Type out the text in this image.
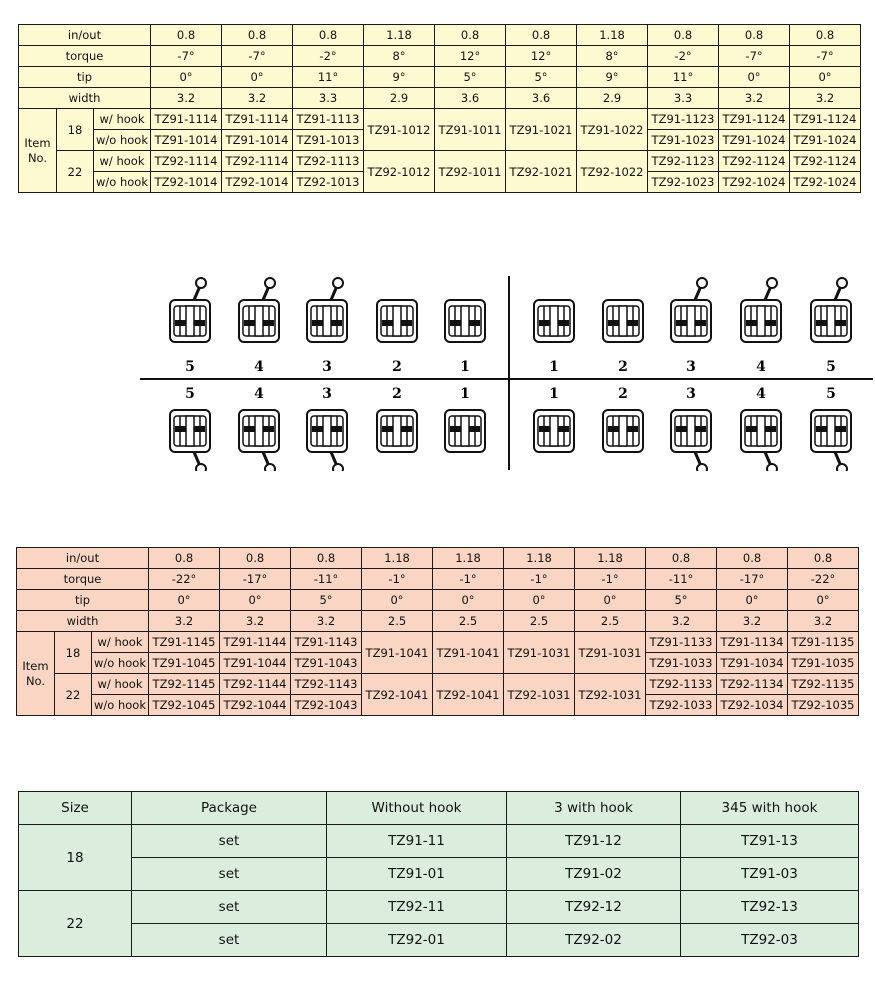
in/out			0.8	0.8	0.8	1.18	0.8	0.8	1.18	0.8	0.8	0.8
torque			-7°	-7°	-2°	8°	12°	12°	8°	-2°	-7°	-7°
tip			0°	0°	11°	9°	5°	5°	9°	11°	0°	0°
width			3.2	3.2	3.3	2.9	3.6	3.6	2.9	3.3	3.2	3.2
Item
No.	18	w/ hook	TZ91-1114	TZ91-1114	TZ91-1113	TZ91-1012	TZ91-1011	TZ91-1021	TZ91-1022	TZ91-1123	TZ91-1124	TZ91-1124
		w/o hook	TZ91-1014	TZ91-1014	TZ91-1013					TZ91-1023	TZ91-1024	TZ91-1024
	22	w/ hook	TZ92-1114	TZ92-1114	TZ92-1113	TZ92-1012	TZ92-1011	TZ92-1021	TZ92-1022	TZ92-1123	TZ92-1124	TZ92-1124
		w/o hook	TZ92-1014	TZ92-1014	TZ92-1013					TZ92-1023	TZ92-1024	TZ92-1024
5	4	3	2	1	1	2	3	4	5
5	4	3	2	1	1	2	3	4	5
in/out			0.8	0.8	0.8	1.18	1.18	1.18	1.18	0.8	0.8	0.8
torque			-22°	-17°	-11°	-1°	-1°	-1°	-1°	-11°	-17°	-22°
tip			0°	0°	5°	0°	0°	0°	0°	5°	0°	0°
width			3.2	3.2	3.2	2.5	2.5	2.5	2.5	3.2	3.2	3.2
Item
No.	18	w/ hook	TZ91-1145	TZ91-1144	TZ91-1143	TZ91-1041	TZ91-1041	TZ91-1031	TZ91-1031	TZ91-1133	TZ91-1134	TZ91-1135
		w/o hook	TZ91-1045	TZ91-1044	TZ91-1043					TZ91-1033	TZ91-1034	TZ91-1035
	22	w/ hook	TZ92-1145	TZ92-1144	TZ92-1143	TZ92-1041	TZ92-1041	TZ92-1031	TZ92-1031	TZ92-1133	TZ92-1134	TZ92-1135
		w/o hook	TZ92-1045	TZ92-1044	TZ92-1043					TZ92-1033	TZ92-1034	TZ92-1035
Size	Package	Without hook	3 with hook	345 with hook
18	set	TZ91-11	TZ91-12	TZ91-13
	set	TZ91-01	TZ91-02	TZ91-03
22	set	TZ92-11	TZ92-12	TZ92-13
	set	TZ92-01	TZ92-02	TZ92-03
